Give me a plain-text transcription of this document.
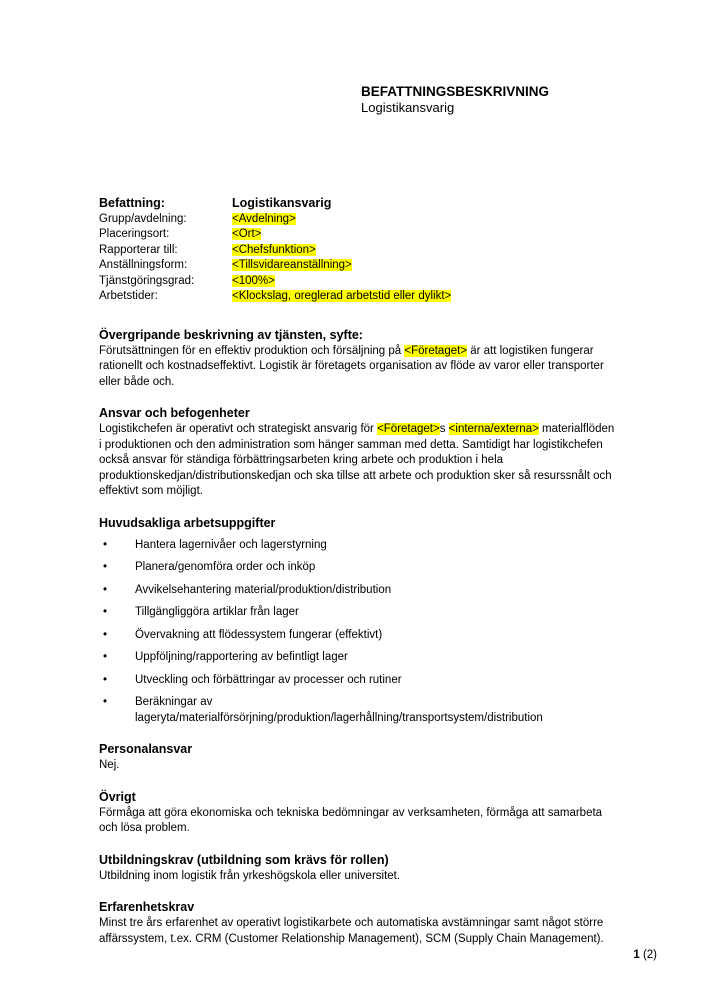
BEFATTNINGSBESKRIVNING
Logistikansvarig
Befattning:	Logistikansvarig
Grupp/avdelning:	<Avdelning>
Placeringsort:	<Ort>
Rapporterar till:	<Chefsfunktion>
Anställningsform:	<Tillsvidareanställning>
Tjänstgöringsgrad:	<100%>
Arbetstider:	<Klockslag, oreglerad arbetstid eller dylikt>
Övergripande beskrivning av tjänsten, syfte:

Förutsättningen för en effektiv produktion och försäljning på <Företaget> är att logistiken fungerar rationellt och kostnadseffektivt. Logistik är företagets organisation av flöde av varor eller transporter eller både och.

Ansvar och befogenheter

Logistikchefen är operativt och strategiskt ansvarig för <Företaget>s <interna/externa> materialflöden i produktionen och den administration som hänger samman med detta. Samtidigt har logistikchefen också ansvar för ständiga förbättringsarbeten kring arbete och produktion i hela produktionskedjan/distributionskedjan och ska tillse att arbete och produktion sker så resurssnålt och effektivt som möjligt.

Huvudsakliga arbetsuppgifter
• Hantera lagernivåer och lagerstyrning
• Planera/genomföra order och inköp
• Avvikelsehantering material/produktion/distribution
• Tillgängliggöra artiklar från lager
• Övervakning att flödessystem fungerar (effektivt)
• Uppföljning/rapportering av befintligt lager
• Utveckling och förbättringar av processer och rutiner
• Beräkningar av lageryta/materialförsörjning/produktion/lagerhållning/transportsystem/distribution
Personalansvar

Nej.

Övrigt

Förmåga att göra ekonomiska och tekniska bedömningar av verksamheten, förmåga att samarbeta och lösa problem.

Utbildningskrav (utbildning som krävs för rollen)

Utbildning inom logistik från yrkeshögskola eller universitet.

Erfarenhetskrav

Minst tre års erfarenhet av operativt logistikarbete och automatiska avstämningar samt något större affärssystem, t.ex. CRM (Customer Relationship Management), SCM (Supply Chain Management).

1 (2)
